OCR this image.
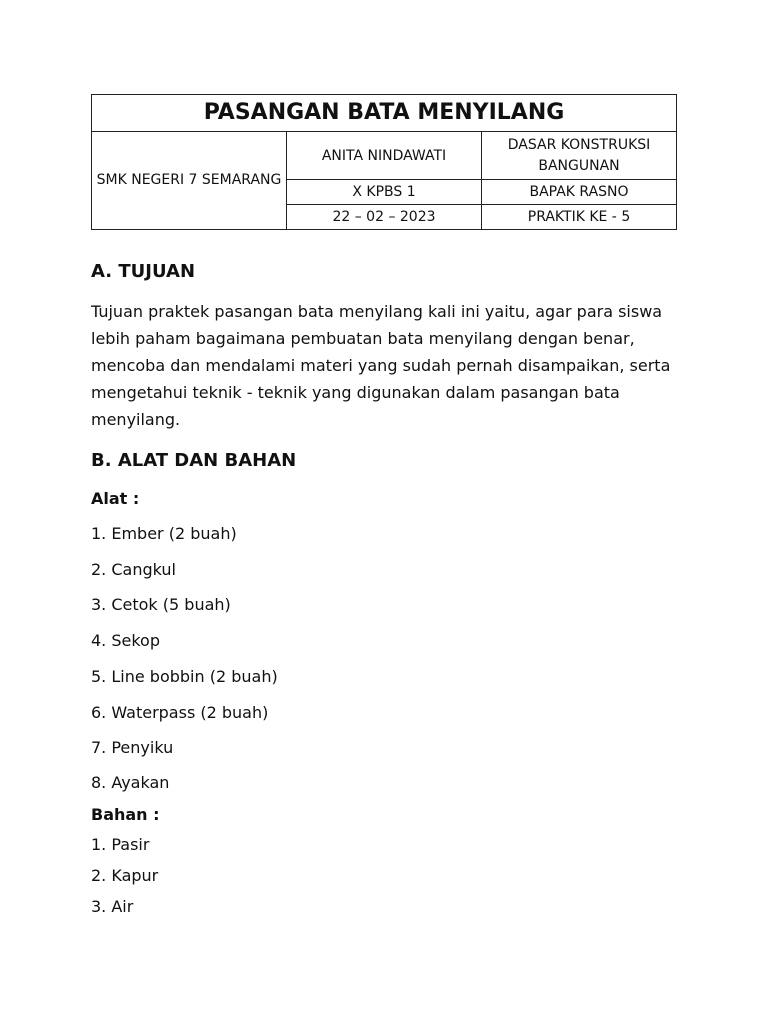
PASANGAN BATA MENYILANG		
SMK NEGERI 7 SEMARANG	ANITA NINDAWATI	DASAR KONSTRUKSI BANGUNAN
	X KPBS 1	BAPAK RASNO
	22 – 02 – 2023	PRAKTIK KE - 5
A. TUJUAN

Tujuan praktek pasangan bata menyilang kali ini yaitu, agar para siswa lebih paham bagaimana pembuatan bata menyilang dengan benar, mencoba dan mendalami materi yang sudah pernah disampaikan, serta mengetahui teknik - teknik yang digunakan dalam pasangan bata menyilang.

B. ALAT DAN BAHAN

Alat :

1. Ember (2 buah)

2. Cangkul

3. Cetok (5 buah)

4. Sekop

5. Line bobbin (2 buah)

6. Waterpass (2 buah)

7. Penyiku

8. Ayakan

Bahan :

1. Pasir

2. Kapur

3. Air
